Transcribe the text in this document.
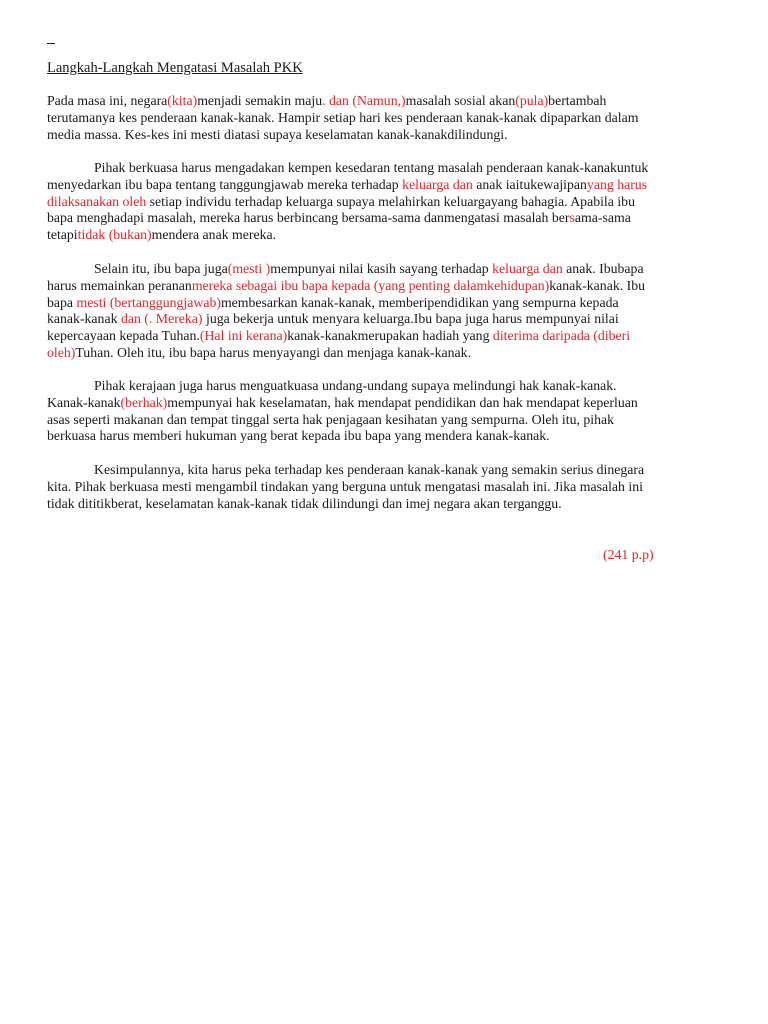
Langkah-Langkah Mengatasi Masalah PKK
Pada masa ini, negara(kita)menjadi semakin maju. dan (Namun,)masalah sosial akan(pula)bertambah
terutamanya kes penderaan kanak-kanak. Hampir setiap hari kes penderaan kanak-kanak dipaparkan dalam
media massa. Kes-kes ini mesti diatasi supaya keselamatan kanak-kanakdilindungi.
Pihak berkuasa harus mengadakan kempen kesedaran tentang masalah penderaan kanak-kanakuntuk
menyedarkan ibu bapa tentang tanggungjawab mereka terhadap keluarga dan anak iaitukewajipanyang harus
dilaksanakan oleh setiap individu terhadap keluarga supaya melahirkan keluargayang bahagia. Apabila ibu
bapa menghadapi masalah, mereka harus berbincang bersama-sama danmengatasi masalah bersama-sama
tetapitidak (bukan)mendera anak mereka.
Selain itu, ibu bapa juga(mesti )mempunyai nilai kasih sayang terhadap keluarga dan anak. Ibubapa
harus memainkan perananmereka sebagai ibu bapa kepada (yang penting dalamkehidupan)kanak-kanak. Ibu
bapa mesti (bertanggungjawab)membesarkan kanak-kanak, memberipendidikan yang sempurna kepada
kanak-kanak dan (. Mereka) juga bekerja untuk menyara keluarga.Ibu bapa juga harus mempunyai nilai
kepercayaan kepada Tuhan.(Hal ini kerana)kanak-kanakmerupakan hadiah yang diterima daripada (diberi
oleh)Tuhan. Oleh itu, ibu bapa harus menyayangi dan menjaga kanak-kanak.
Pihak kerajaan juga harus menguatkuasa undang-undang supaya melindungi hak kanak-kanak.
Kanak-kanak(berhak)mempunyai hak keselamatan, hak mendapat pendidikan dan hak mendapat keperluan
asas seperti makanan dan tempat tinggal serta hak penjagaan kesihatan yang sempurna. Oleh itu, pihak
berkuasa harus memberi hukuman yang berat kepada ibu bapa yang mendera kanak-kanak.
Kesimpulannya, kita harus peka terhadap kes penderaan kanak-kanak yang semakin serius dinegara
kita. Pihak berkuasa mesti mengambil tindakan yang berguna untuk mengatasi masalah ini. Jika masalah ini
tidak dititikberat, keselamatan kanak-kanak tidak dilindungi dan imej negara akan terganggu.
(241 p.p)
